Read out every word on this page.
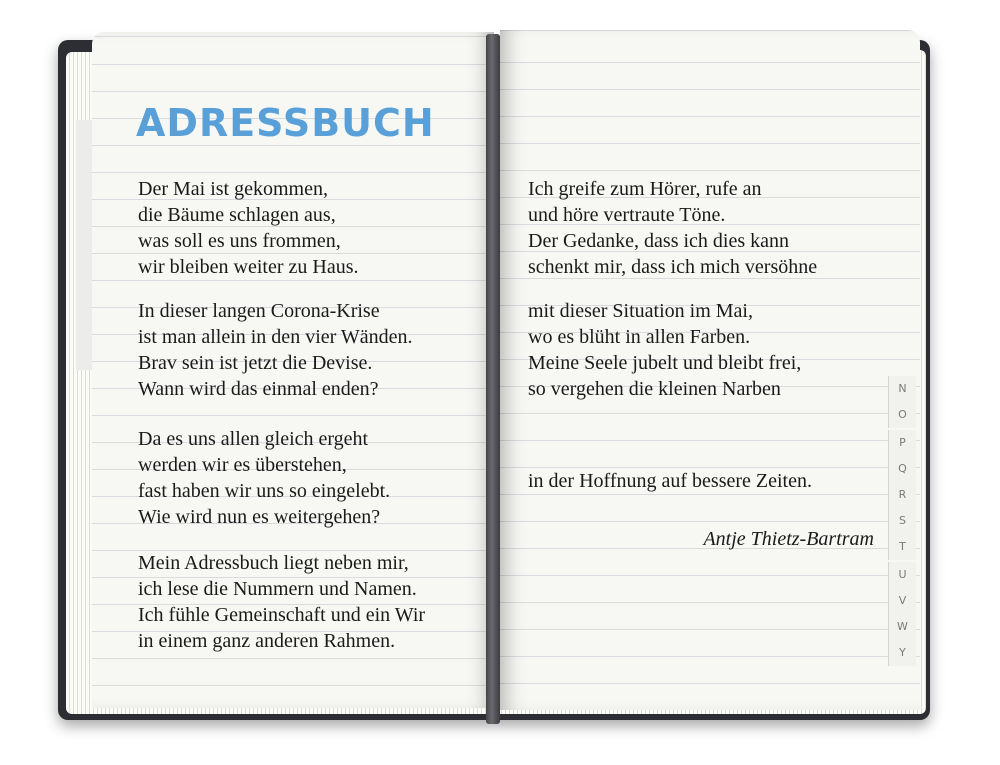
ADRESSBUCH
Der Mai ist gekommen,
die Bäume schlagen aus,
was soll es uns frommen,
wir bleiben weiter zu Haus.
In dieser langen Corona-Krise
ist man allein in den vier Wänden.
Brav sein ist jetzt die Devise.
Wann wird das einmal enden?
Da es uns allen gleich ergeht
werden wir es überstehen,
fast haben wir uns so eingelebt.
Wie wird nun es weitergehen?
Mein Adressbuch liegt neben mir,
ich lese die Nummern und Namen.
Ich fühle Gemeinschaft und ein Wir
in einem ganz anderen Rahmen.
Ich greife zum Hörer, rufe an
und höre vertraute Töne.
Der Gedanke, dass ich dies kann
schenkt mir, dass ich mich versöhne
mit dieser Situation im Mai,
wo es blüht in allen Farben.
Meine Seele jubelt und bleibt frei,
so vergehen die kleinen Narben
in der Hoffnung auf bessere Zeiten.
Antje Thietz-Bartram
N
O
P
Q
R
S
T
U
V
W
Y
